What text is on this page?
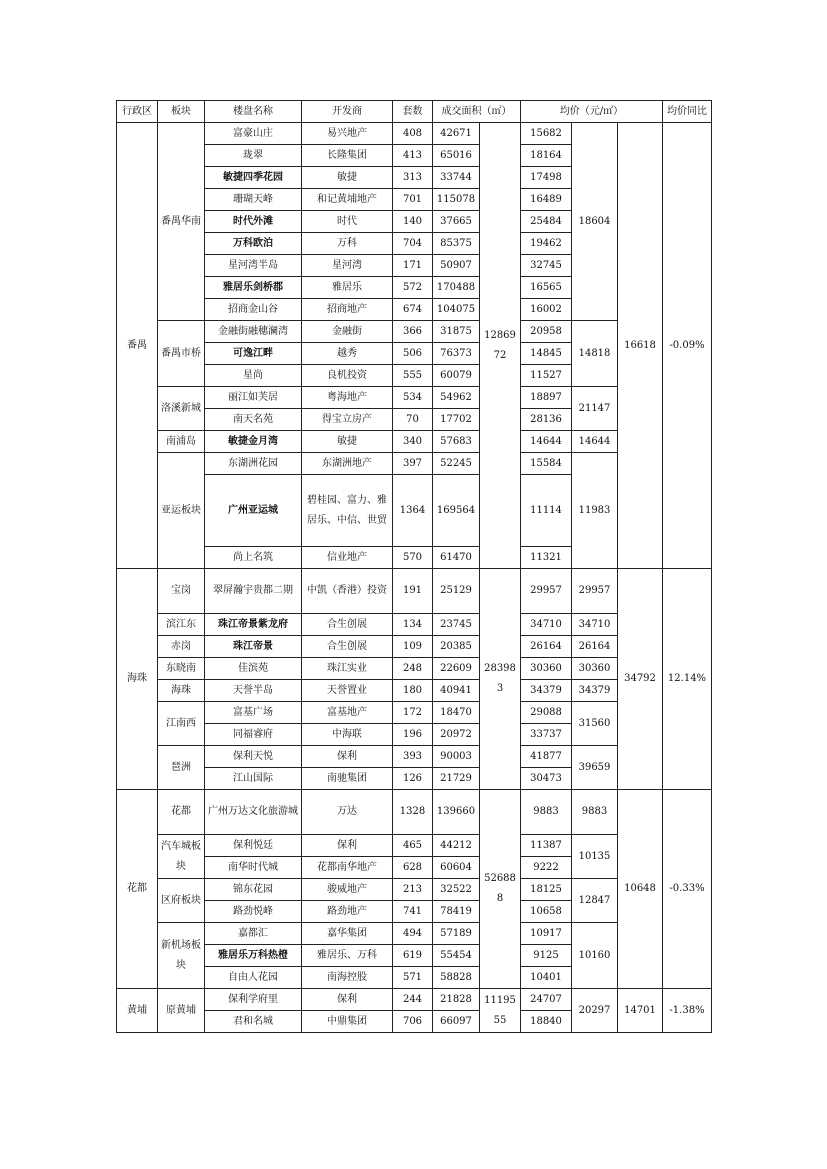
行政区	板块	楼盘名称	开发商	套数	成交面积（㎡）		均价（元/㎡）			均价同比

番禺	番禺华南	富豪山庄	易兴地产	408	42671	1286972	15682	18604	16618	-0.09%
		珑翠	长隆集团	413	65016		18164			
		敏捷四季花园	敏捷	313	33744		17498			
		珊瑚天峰	和记黄埔地产	701	115078		16489			
		时代外滩	时代	140	37665		25484			
		万科欧泊	万科	704	85375		19462			
		星河湾半岛	星河湾	171	50907		32745			
		雅居乐剑桥郡	雅居乐	572	170488		16565			
		招商金山谷	招商地产	674	104075		16002			
	番禺市桥	金融街融穗澜湾	金融街	366	31875		20958	14818		
		可逸江畔	越秀	506	76373		14845			
		星尚	良机投资	555	60079		11527			
	洛溪新城	丽江如芙居	粤海地产	534	54962		18897	21147		
		南天名苑	得宝立房产	70	17702		28136			
	南浦岛	敏捷金月湾	敏捷	340	57683		14644	14644		
	亚运板块	东湖洲花园	东湖洲地产	397	52245		15584	11983		
		广州亚运城	碧桂园、富力、雅居乐、中信、世贸	1364	169564		11114			
		尚上名筑	信业地产	570	61470		11321			
海珠	宝岗	翠屏瀚宇贵都二期	中凯（香港）投资	191	25129	283983	29957	29957	34792	12.14%

	滨江东	珠江帝景紫龙府	合生创展	134	23745		34710	34710		
	赤岗	珠江帝景	合生创展	109	20385		26164	26164		
	东晓南	佳滨苑	珠江实业	248	22609		30360	30360		
	海珠	天誉半岛	天誉置业	180	40941		34379	34379		
	江南西	富基广场	富基地产	172	18470		29088	31560		
		同福睿府	中海联	196	20972		33737			
	琶洲	保利天悦	保利	393	90003		41877	39659		
		江山国际	南驰集团	126	21729		30473			
花都	花都	广州万达文化旅游城	万达	1328	139660	526888	9883	9883	10648	-0.33%

	汽车城板块	保利悦廷	保利	465	44212		11387	10135		
		南华时代城	花都南华地产	628	60604		9222			
	区府板块	锦东花园	骏威地产	213	32522		18125	12847		
		路劲悦峰	路劲地产	741	78419		10658			
	新机场板块	嘉都汇	嘉华集团	494	57189		10917	10160		
		雅居乐万科热橙	雅居乐、万科	619	55454		9125			
		自由人花园	南海控股	571	58828		10401			
黄埔	原黄埔	保利学府里	保利	244	21828	1119555	24707	20297	14701	-1.38%
		君和名城	中鼎集团	706	66097		18840			
